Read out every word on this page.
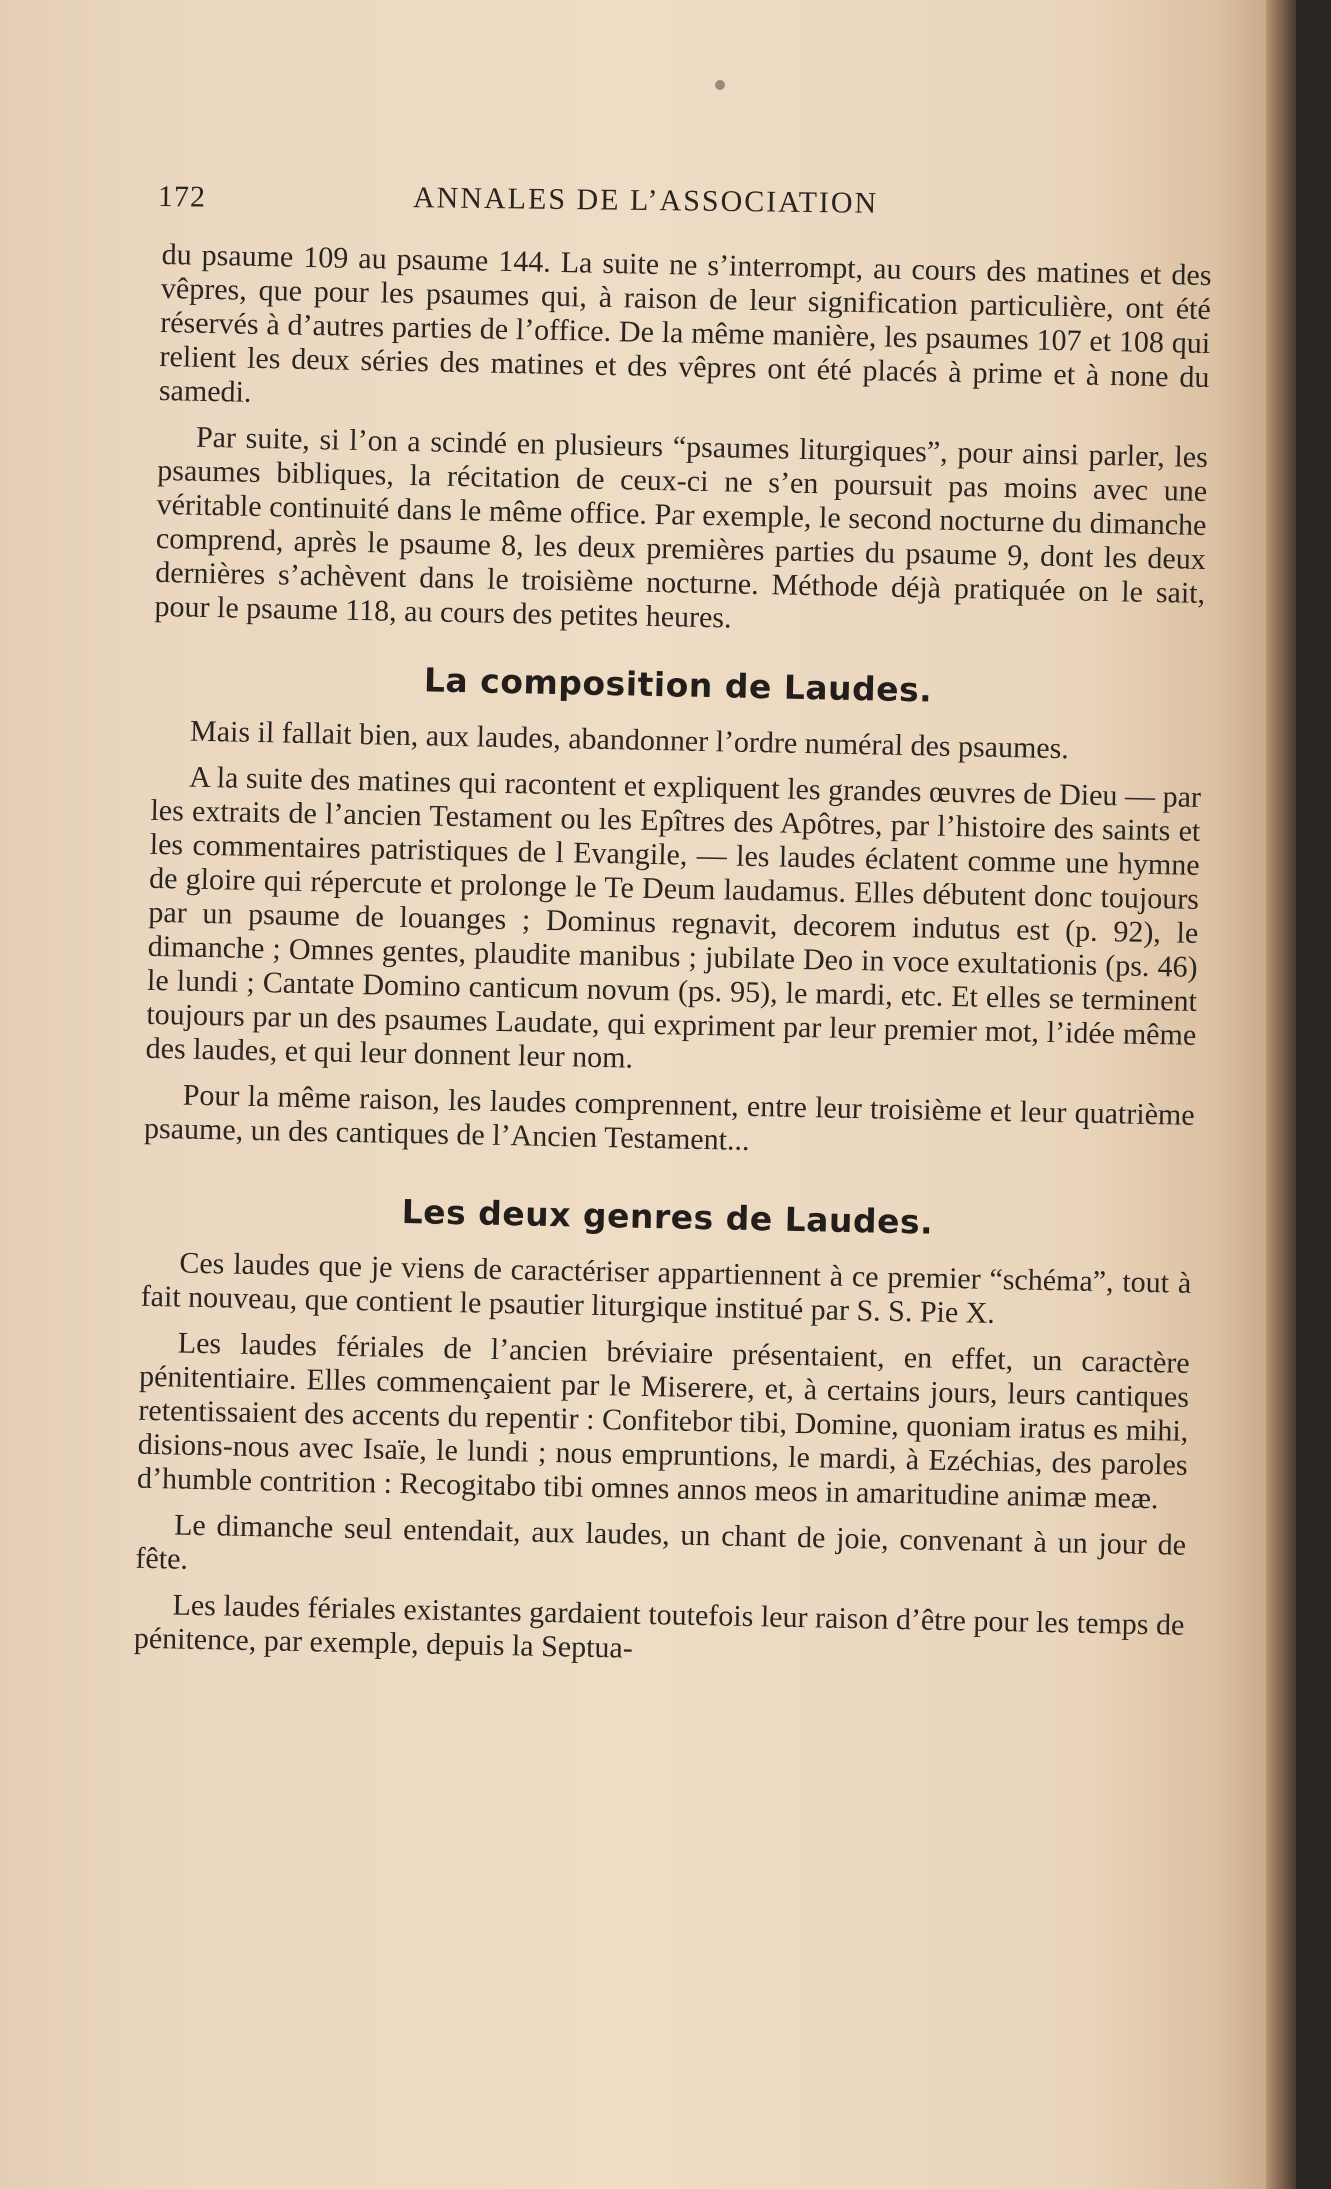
172	ANNALES DE L’ASSOCIATION

du psaume 109 au psaume 144. La suite ne s’interrompt, au cours des matines et des vêpres, que pour les psaumes qui, à raison de leur signification particulière, ont été réservés à d’autres parties de l’office. De la même manière, les psaumes 107 et 108 qui relient les deux séries des matines et des vêpres ont été placés à prime et à none du samedi.

Par suite, si l’on a scindé en plusieurs “psaumes liturgiques”, pour ainsi parler, les psaumes bibliques, la récitation de ceux-ci ne s’en poursuit pas moins avec une véritable continuité dans le même office. Par exemple, le second nocturne du dimanche comprend, après le psaume 8, les deux premières parties du psaume 9, dont les deux dernières s’achèvent dans le troisième nocturne. Méthode déjà pratiquée on le sait, pour le psaume 118, au cours des petites heures.

La composition de Laudes.

Mais il fallait bien, aux laudes, abandonner l’ordre numéral des psaumes.

A la suite des matines qui racontent et expliquent les grandes œuvres de Dieu — par les extraits de l’ancien Testament ou les Epîtres des Apôtres, par l’histoire des saints et les commentaires patristiques de l Evangile, — les laudes éclatent comme une hymne de gloire qui répercute et prolonge le Te Deum laudamus. Elles débutent donc toujours par un psaume de louanges ; Dominus regnavit, decorem indutus est (p. 92), le dimanche ; Omnes gentes, plaudite manibus ; jubilate Deo in voce exultationis (ps. 46) le lundi ; Cantate Domino canticum novum (ps. 95), le mardi, etc. Et elles se terminent toujours par un des psaumes Laudate, qui expriment par leur premier mot, l’idée même des laudes, et qui leur donnent leur nom.

Pour la même raison, les laudes comprennent, entre leur troisième et leur quatrième psaume, un des cantiques de l’Ancien Testament...

Les deux genres de Laudes.

Ces laudes que je viens de caractériser appartiennent à ce premier “schéma”, tout à fait nouveau, que contient le psautier liturgique institué par S. S. Pie X.

Les laudes fériales de l’ancien bréviaire présentaient, en effet, un caractère pénitentiaire. Elles commençaient par le Miserere, et, à certains jours, leurs cantiques retentissaient des accents du repentir : Confitebor tibi, Domine, quoniam iratus es mihi, disions-nous avec Isaïe, le lundi ; nous empruntions, le mardi, à Ezéchias, des paroles d’humble contrition : Recogitabo tibi omnes annos meos in amaritudine animæ meæ.

Le dimanche seul entendait, aux laudes, un chant de joie, convenant à un jour de fête.

Les laudes fériales existantes gardaient toutefois leur raison d’être pour les temps de pénitence, par exemple, depuis la Septua-
